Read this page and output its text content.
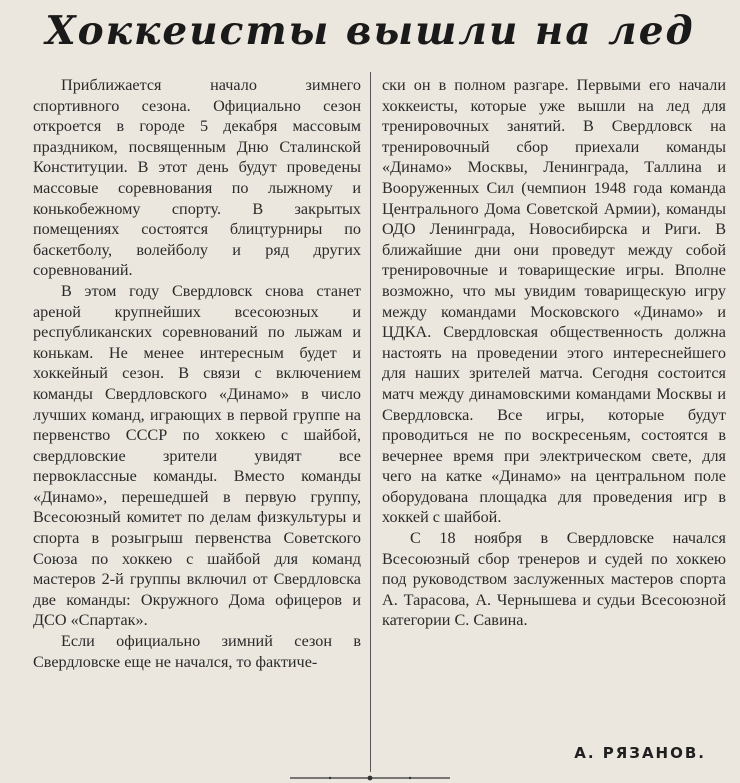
Хоккеисты вышли на лед

Приближается начало зимнего спортивного сезона. Официально сезон откроется в городе 5 декабря массовым праздником, посвященным Дню Сталинской Конституции. В этот день будут проведены массовые соревнования по лыжному и конькобежному спорту. В закрытых помещениях состоятся блицтурниры по баскетболу, волейболу и ряд других соревнований.

В этом году Свердловск снова станет ареной крупнейших всесоюзных и республиканских соревнований по лыжам и конькам. Не менее интересным будет и хоккейный сезон. В связи с включением команды Свердловского «Динамо» в число лучших команд, играющих в первой группе на первенство СССР по хоккею с шайбой, свердловские зрители увидят все первоклассные команды. Вместо команды «Динамо», перешедшей в первую группу, Всесоюзный комитет по делам физкультуры и спорта в розыгрыш первенства Советского Союза по хоккею с шайбой для команд мастеров 2-й группы включил от Свердловска две команды: Окружного Дома офицеров и ДСО «Спартак».

Если официально зимний сезон в Свердловске еще не начался, то фактиче-

ски он в полном разгаре. Первыми его начали хоккеисты, которые уже вышли на лед для тренировочных занятий. В Свердловск на тренировочный сбор приехали команды «Динамо» Москвы, Ленинграда, Таллина и Вооруженных Сил (чемпион 1948 года команда Центрального Дома Советской Армии), команды ОДО Ленинграда, Новосибирска и Риги. В ближайшие дни они проведут между собой тренировочные и товарищеские игры. Вполне возможно, что мы увидим товарищескую игру между командами Московского «Динамо» и ЦДКА. Свердловская общественность должна настоять на проведении этого интереснейшего для наших зрителей матча. Сегодня состоится матч между динамовскими командами Москвы и Свердловска. Все игры, которые будут проводиться не по воскресеньям, состоятся в вечернее время при электрическом свете, для чего на катке «Динамо» на центральном поле оборудована площадка для проведения игр в хоккей с шайбой.

С 18 ноября в Свердловске начался Всесоюзный сбор тренеров и судей по хоккею под руководством заслуженных мастеров спорта А. Тарасова, А. Чернышева и судьи Всесоюзной категории С. Савина.

А. РЯЗАНОВ.
